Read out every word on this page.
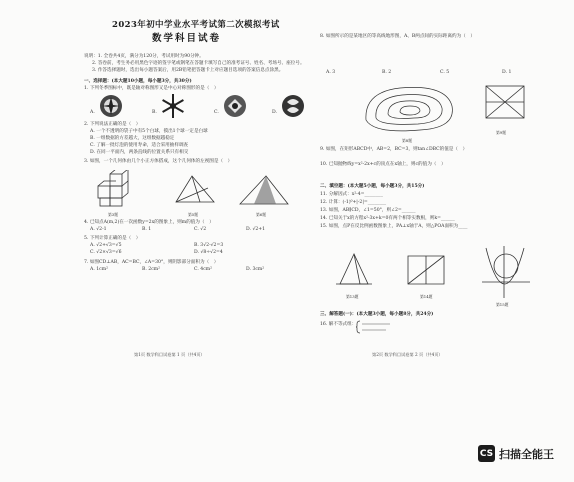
2023年初中学业水平考试第二次模拟考试
数学科目试卷
说明：1. 全卷共4页，满分为120分，考试用时为90分钟。
2. 答卷前，考生务必用黑色字迹的签字笔或钢笔在答题卡填写自己的准考证号、姓名、考场号、座位号。
3. 作答选择题时，选出每小题答案后，用2B铅笔把答题卡上对应题目选项的答案信息点涂黑。
一、选择题：(本大题10小题，每小题3分，共30分)
1. 下列冬季图标中，既是轴对称图形又是中心对称图形的是（　）
A.	B.	C.	D.
2. 下列说法正确的是（　）
A. 一个不透明的袋子中有5个白球，摸出1个球一定是白球
B. 一组数据的方差越大，这组数据越稳定
C. 了解一批灯泡的使用寿命，适合采用抽样调查
D. 在同一平面内，两条直线的位置关系只有相交
3. 如图，一个几何体由几个小正方体搭成，这个几何体的左视图是（　）
第3题	第5题	第6题
4. 已知点A(m,2)在一次函数y=2x的图象上，则m的值为（　）
A. √2-1	B. 1	C. √2	D. √2+1
5. 下列计算正确的是（　）
A. √2+√3=√5	B. 3√2-√2=3
C. √2×√3=√6	D. √8÷√2=4
7. 如图CD⊥AB，AC=BC，∠A=30°，则阴影部分面积为（　）
A. 1cm²	B. 2cm²	C. 4cm²	D. 3cm²
第1页 数学科目试卷第 1 页（共4页）
8. 如图所示的是某地区的等高线地形图，A、B两点间的实际距离约为（　）
A. 3	B. 2	C. 5	D. 1
第8题
第9题
9. 如图，在矩形ABCD中，AB=2，BC=3，则tan∠DBC的值是（　）
10. 已知抛物线y=x²-2x+c的顶点在x轴上，则c的值为（　）
二、填空题：(本大题5小题，每小题3分，共15分)
11. 分解因式：x²-4=________
12. 计算：(-1)⁰+|-2|=________
13. 如图，AB∥CD，∠1=50°，则∠2=______
14. 已知关于x的方程x²-3x+k=0有两个相等实数根，则k=______
15. 如图，点P在反比例函数图象上，PA⊥x轴于A，则△POA面积为____
第13题	第14题
第15题
三、解答题(一)：(本大题3小题，每小题8分，共24分)
16. 解不等式组：
第2页 数学科目试卷第 2 页（共4页）
CS 扫描全能王
